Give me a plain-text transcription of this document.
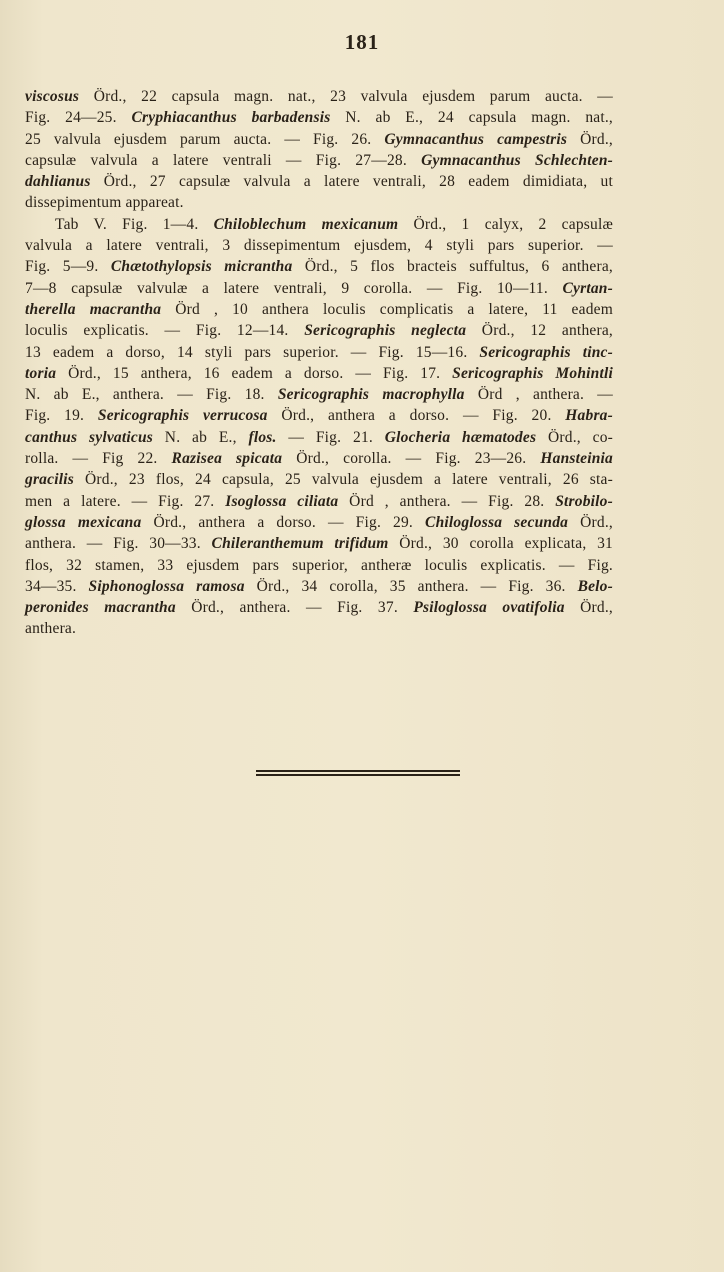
181
viscosus Örd., 22 capsula magn. nat., 23 valvula ejusdem parum aucta. —
Fig. 24—25. Cryphiacanthus barbadensis N. ab E., 24 capsula magn. nat.,
25 valvula ejusdem parum aucta. — Fig. 26. Gymnacanthus campestris Örd.,
capsulæ valvula a latere ventrali — Fig. 27—28. Gymnacanthus Schlechten-
dahlianus Örd., 27 capsulæ valvula a latere ventrali, 28 eadem dimidiata, ut
dissepimentum appareat.
Tab V. Fig. 1—4. Chiloblechum mexicanum Örd., 1 calyx, 2 capsulæ
valvula a latere ventrali, 3 dissepimentum ejusdem, 4 styli pars superior. —
Fig. 5—9. Chætothylopsis micrantha Örd., 5 flos bracteis suffultus, 6 anthera,
7—8 capsulæ valvulæ a latere ventrali, 9 corolla. — Fig. 10—11. Cyrtan-
therella macrantha Örd , 10 anthera loculis complicatis a latere, 11 eadem
loculis explicatis. — Fig. 12—14. Sericographis neglecta Örd., 12 anthera,
13 eadem a dorso, 14 styli pars superior. — Fig. 15—16. Sericographis tinc-
toria Örd., 15 anthera, 16 eadem a dorso. — Fig. 17. Sericographis Mohintli
N. ab E., anthera. — Fig. 18. Sericographis macrophylla Örd , anthera. —
Fig. 19. Sericographis verrucosa Örd., anthera a dorso. — Fig. 20. Habra-
canthus sylvaticus N. ab E., flos. — Fig. 21. Glocheria hæmatodes Örd., co-
rolla. — Fig 22. Razisea spicata Örd., corolla. — Fig. 23—26. Hansteinia
gracilis Örd., 23 flos, 24 capsula, 25 valvula ejusdem a latere ventrali, 26 sta-
men a latere. — Fig. 27. Isoglossa ciliata Örd , anthera. — Fig. 28. Strobilo-
glossa mexicana Örd., anthera a dorso. — Fig. 29. Chiloglossa secunda Örd.,
anthera. — Fig. 30—33. Chileranthemum trifidum Örd., 30 corolla explicata, 31
flos, 32 stamen, 33 ejusdem pars superior, antheræ loculis explicatis. — Fig.
34—35. Siphonoglossa ramosa Örd., 34 corolla, 35 anthera. — Fig. 36. Belo-
peronides macrantha Örd., anthera. — Fig. 37. Psiloglossa ovatifolia Örd.,
anthera.
